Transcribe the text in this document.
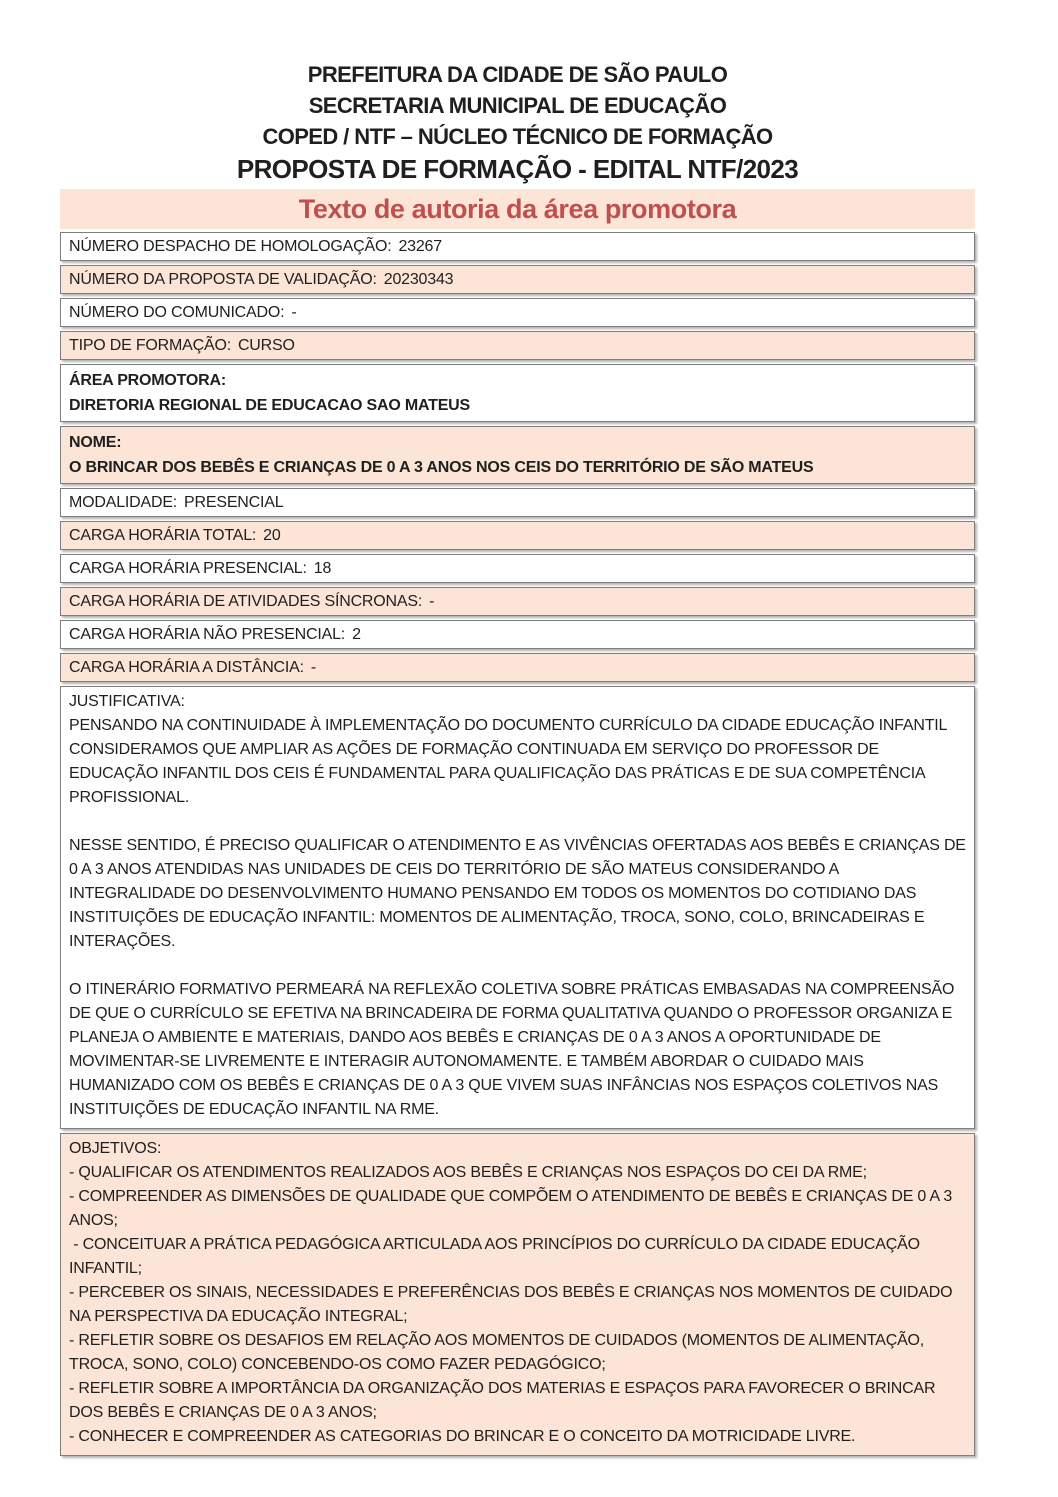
PREFEITURA DA CIDADE DE SÃO PAULO
SECRETARIA MUNICIPAL DE EDUCAÇÃO
COPED / NTF – NÚCLEO TÉCNICO DE FORMAÇÃO
PROPOSTA DE FORMAÇÃO - EDITAL NTF/2023
Texto de autoria da área promotora
NÚMERO DESPACHO DE HOMOLOGAÇÃO: 23267
NÚMERO DA PROPOSTA DE VALIDAÇÃO: 20230343
NÚMERO DO COMUNICADO: -
TIPO DE FORMAÇÃO: CURSO
ÁREA PROMOTORA:
DIRETORIA REGIONAL DE EDUCACAO SAO MATEUS
NOME:
O BRINCAR DOS BEBÊS E CRIANÇAS DE 0 A 3 ANOS NOS CEIS DO TERRITÓRIO DE SÃO MATEUS
MODALIDADE: PRESENCIAL
CARGA HORÁRIA TOTAL: 20
CARGA HORÁRIA PRESENCIAL: 18
CARGA HORÁRIA DE ATIVIDADES SÍNCRONAS: -
CARGA HORÁRIA NÃO PRESENCIAL: 2
CARGA HORÁRIA A DISTÂNCIA: -
JUSTIFICATIVA:
PENSANDO NA CONTINUIDADE À IMPLEMENTAÇÃO DO DOCUMENTO CURRÍCULO DA CIDADE EDUCAÇÃO INFANTIL CONSIDERAMOS QUE AMPLIAR AS AÇÕES DE FORMAÇÃO CONTINUADA EM SERVIÇO DO PROFESSOR DE EDUCAÇÃO INFANTIL DOS CEIS É FUNDAMENTAL PARA QUALIFICAÇÃO DAS PRÁTICAS E DE SUA COMPETÊNCIA PROFISSIONAL.
NESSE SENTIDO, É PRECISO QUALIFICAR O ATENDIMENTO E AS VIVÊNCIAS OFERTADAS AOS BEBÊS E CRIANÇAS DE 0 A 3 ANOS ATENDIDAS NAS UNIDADES DE CEIS DO TERRITÓRIO DE SÃO MATEUS CONSIDERANDO A INTEGRALIDADE DO DESENVOLVIMENTO HUMANO PENSANDO EM TODOS OS MOMENTOS DO COTIDIANO DAS INSTITUIÇÕES DE EDUCAÇÃO INFANTIL: MOMENTOS DE ALIMENTAÇÃO, TROCA, SONO, COLO, BRINCADEIRAS E INTERAÇÕES.
O ITINERÁRIO FORMATIVO PERMEARÁ NA REFLEXÃO COLETIVA SOBRE PRÁTICAS EMBASADAS NA COMPREENSÃO DE QUE O CURRÍCULO SE EFETIVA NA BRINCADEIRA DE FORMA QUALITATIVA QUANDO O PROFESSOR ORGANIZA E PLANEJA O AMBIENTE E MATERIAIS, DANDO AOS BEBÊS E CRIANÇAS DE 0 A 3 ANOS A OPORTUNIDADE DE MOVIMENTAR-SE LIVREMENTE E INTERAGIR AUTONOMAMENTE. E TAMBÉM ABORDAR O CUIDADO MAIS HUMANIZADO COM OS BEBÊS E CRIANÇAS DE 0 A 3 QUE VIVEM SUAS INFÂNCIAS NOS ESPAÇOS COLETIVOS NAS INSTITUIÇÕES DE EDUCAÇÃO INFANTIL NA RME.
OBJETIVOS:
- QUALIFICAR OS ATENDIMENTOS REALIZADOS AOS BEBÊS E CRIANÇAS NOS ESPAÇOS DO CEI DA RME;
- COMPREENDER AS DIMENSÕES DE QUALIDADE QUE COMPÕEM O ATENDIMENTO DE BEBÊS E CRIANÇAS DE 0 A 3 ANOS;
- CONCEITUAR A PRÁTICA PEDAGÓGICA ARTICULADA AOS PRINCÍPIOS DO CURRÍCULO DA CIDADE EDUCAÇÃO INFANTIL;
- PERCEBER OS SINAIS, NECESSIDADES E PREFERÊNCIAS DOS BEBÊS E CRIANÇAS NOS MOMENTOS DE CUIDADO NA PERSPECTIVA DA EDUCAÇÃO INTEGRAL;
- REFLETIR SOBRE OS DESAFIOS EM RELAÇÃO AOS MOMENTOS DE CUIDADOS (MOMENTOS DE ALIMENTAÇÃO, TROCA, SONO, COLO) CONCEBENDO-OS COMO FAZER PEDAGÓGICO;
- REFLETIR SOBRE A IMPORTÂNCIA DA ORGANIZAÇÃO DOS MATERIAS E ESPAÇOS PARA FAVORECER O BRINCAR DOS BEBÊS E CRIANÇAS DE 0 A 3 ANOS;
- CONHECER E COMPREENDER AS CATEGORIAS DO BRINCAR E O CONCEITO DA MOTRICIDADE LIVRE.
